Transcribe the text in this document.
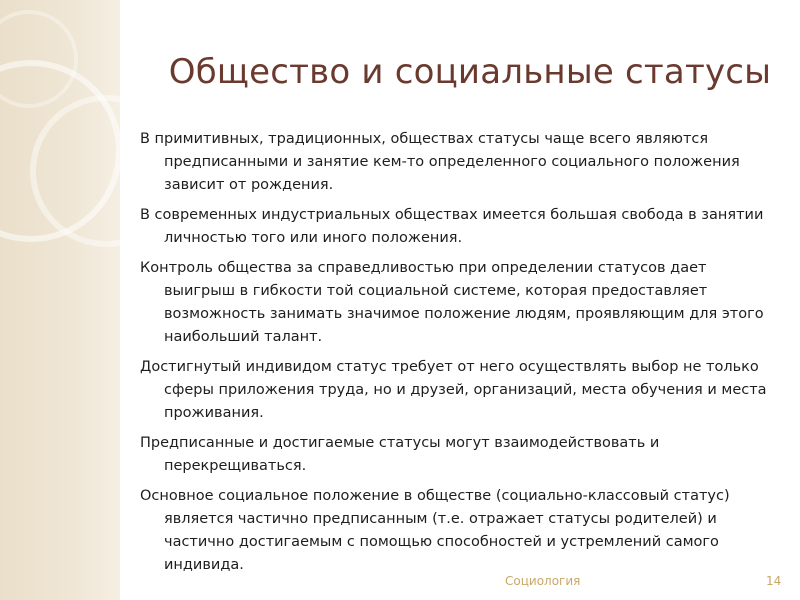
Общество и социальные статусы

В примитивных, традиционных, обществах статусы чаще всего являются предписанными и занятие кем-то определенного социального положения зависит от рождения.

В современных индустриальных обществах имеется большая свобода в занятии личностью того или иного положения.

Контроль общества за справедливостью при определении статусов дает выигрыш в гибкости той социальной системе, которая предоставляет возможность занимать значимое положение людям, проявляющим для этого наибольший талант.

Достигнутый индивидом статус требует от него осуществлять выбор не только сферы приложения труда, но и друзей, организаций, места обучения и места проживания.

Предписанные и достигаемые статусы могут взаимодействовать и перекрещиваться.

Основное социальное положение в обществе (социально-классовый статус) является частично предписанным (т.е. отражает статусы родителей) и частично достигаемым с помощью способностей и устремлений самого индивида.

Социология	14
